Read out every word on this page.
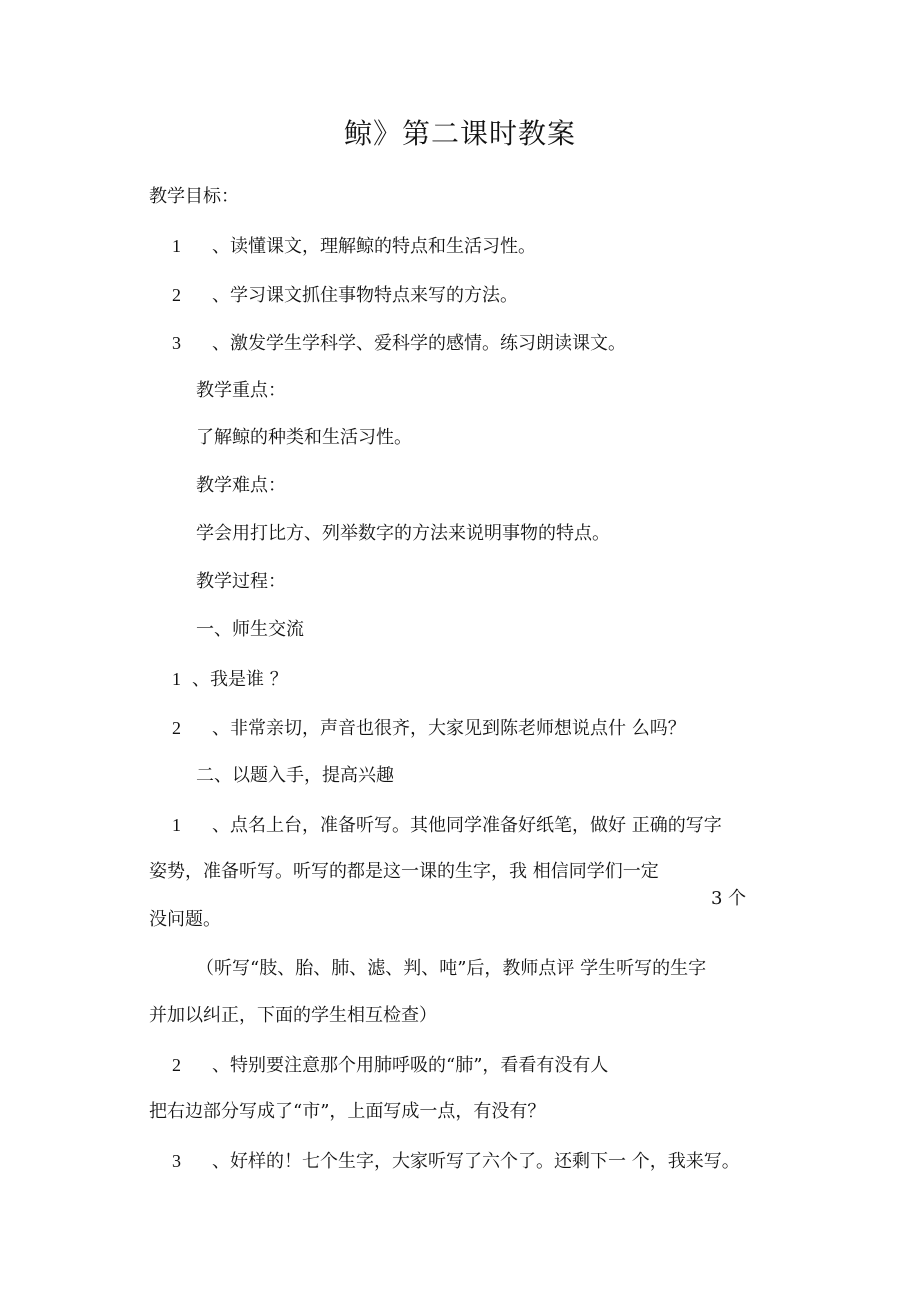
鲸》第二课时教案
教学目标：
1 、读懂课文，理解鲸的特点和生活习性。
2 、学习课文抓住事物特点来写的方法。
3 、激发学生学科学、爱科学的感情。练习朗读课文。
教学重点：
了解鲸的种类和生活习性。
教学难点：
学会用打比方、列举数字的方法来说明事物的特点。
教学过程：
一、师生交流
1 、我是谁 ？
2 、非常亲切，声音也很齐，大家见到陈老师想说点什 么吗？
二、以题入手，提高兴趣
1 、点名上台，准备听写。其他同学准备好纸笔，做好 正确的写字
姿势，准备听写。听写的都是这一课的生字，我 相信同学们一定
3 个
没问题。
（听写“肢、胎、肺、滤、判、吨”后，教师点评 学生听写的生字
并加以纠正，下面的学生相互检查）
2 、特别要注意那个用肺呼吸的“肺”，看看有没有人
把右边部分写成了“市”，上面写成一点，有没有？
3 、好样的！七个生字，大家听写了六个了。还剩下一 个，我来写。
